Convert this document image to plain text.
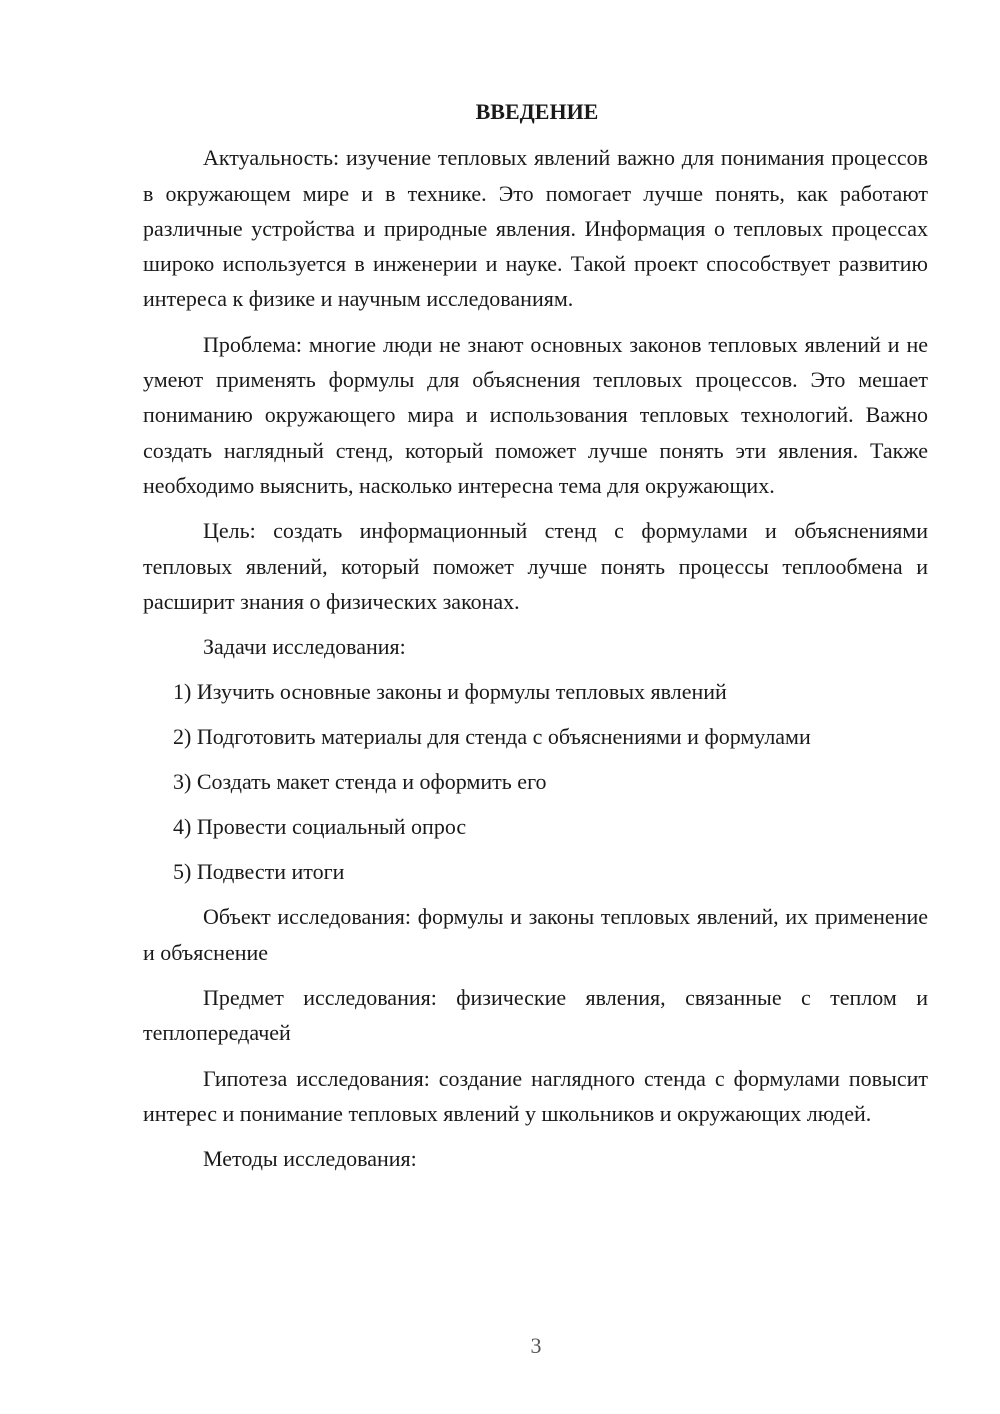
ВВЕДЕНИЕ

Актуальность: изучение тепловых явлений важно для понимания процессов в окружающем мире и в технике. Это помогает лучше понять, как работают различные устройства и природные явления. Информация о тепловых процессах широко используется в инженерии и науке. Такой проект способствует развитию интереса к физике и научным исследованиям.

Проблема: многие люди не знают основных законов тепловых явлений и не умеют применять формулы для объяснения тепловых процессов. Это мешает пониманию окружающего мира и использования тепловых технологий. Важно создать наглядный стенд, который поможет лучше понять эти явления. Также необходимо выяснить, насколько интересна тема для окружающих.

Цель: создать информационный стенд с формулами и объяснениями тепловых явлений, который поможет лучше понять процессы теплообмена и расширит знания о физических законах.

Задачи исследования:

1) Изучить основные законы и формулы тепловых явлений
2) Подготовить материалы для стенда с объяснениями и формулами
3) Создать макет стенда и оформить его
4) Провести социальный опрос
5) Подвести итоги

Объект исследования: формулы и законы тепловых явлений, их применение и объяснение

Предмет исследования: физические явления, связанные с теплом и теплопередачей

Гипотеза исследования: создание наглядного стенда с формулами повысит интерес и понимание тепловых явлений у школьников и окружающих людей.

Методы исследования:

3
